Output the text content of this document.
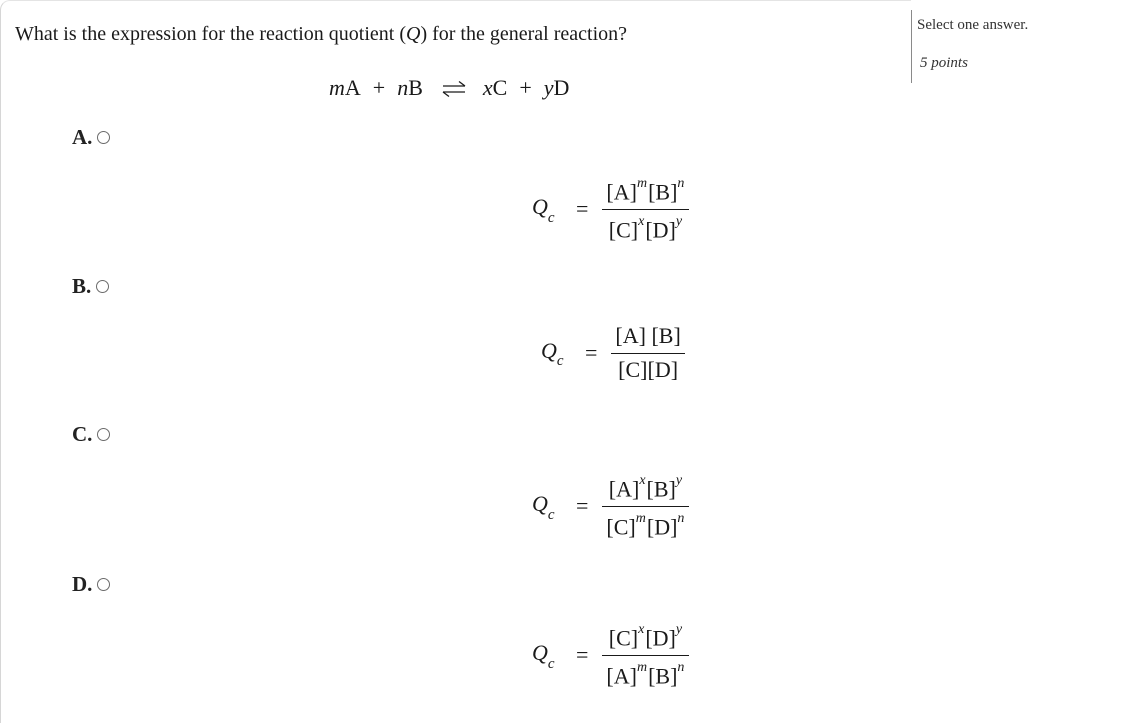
What is the expression for the reaction quotient (Q) for the general reaction?
m A + n B ⇌ x C + y D
A.
$Q_c = \frac{[A]^m[B]^n}{[C]^x[D]^y}$
B.
$Q_c = \frac{[A] [B]}{[C][D]}$
C.
$Q_c = \frac{[A]^x[B]^y}{[C]^m[D]^n}$
D.
$Q_c = \frac{[C]^x[D]^y}{[A]^m[B]^n}$
Select one answer.
5 points
